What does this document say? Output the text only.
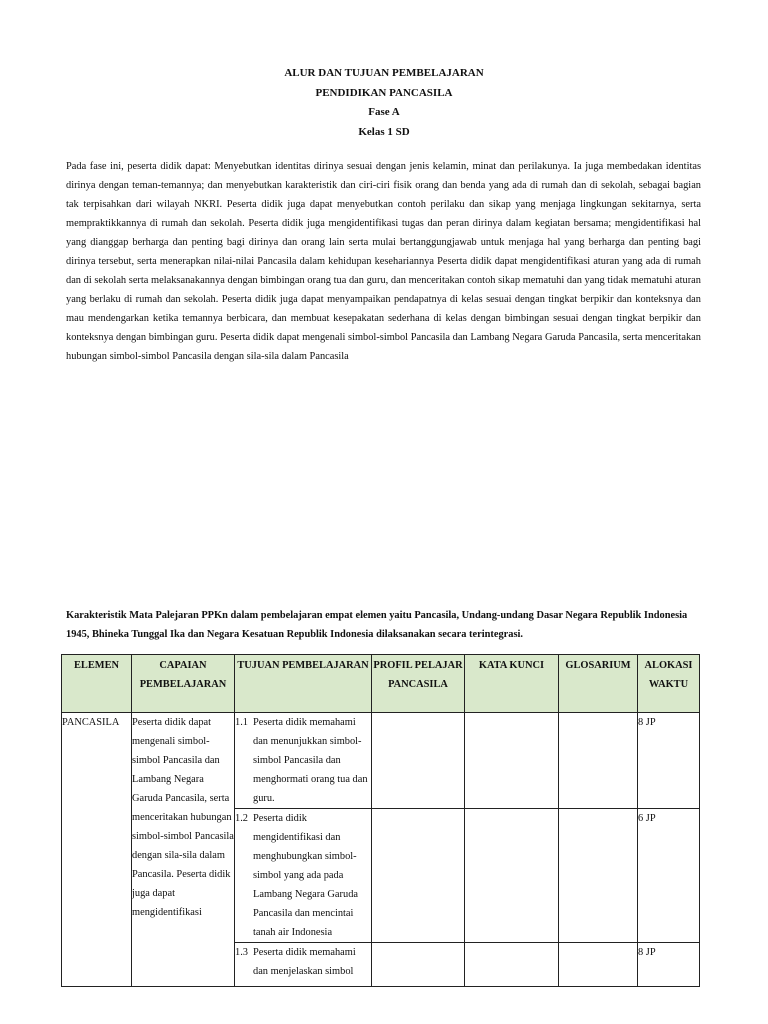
ALUR DAN TUJUAN PEMBELAJARAN
PENDIDIKAN PANCASILA
Fase A
Kelas 1 SD
Pada fase ini, peserta didik dapat: Menyebutkan identitas dirinya sesuai dengan jenis kelamin, minat dan perilakunya. Ia juga membedakan identitas dirinya dengan teman-temannya; dan menyebutkan karakteristik dan ciri-ciri fisik orang dan benda yang ada di rumah dan di sekolah, sebagai bagian tak terpisahkan dari wilayah NKRI. Peserta didik juga dapat menyebutkan contoh perilaku dan sikap yang menjaga lingkungan sekitarnya, serta mempraktikkannya di rumah dan sekolah. Peserta didik juga mengidentifikasi tugas dan peran dirinya dalam kegiatan bersama; mengidentifikasi hal yang dianggap berharga dan penting bagi dirinya dan orang lain serta mulai bertanggungjawab untuk menjaga hal yang berharga dan penting bagi dirinya tersebut, serta menerapkan nilai-nilai Pancasila dalam kehidupan kesehariannya Peserta didik dapat mengidentifikasi aturan yang ada di rumah dan di sekolah serta melaksanakannya dengan bimbingan orang tua dan guru, dan menceritakan contoh sikap mematuhi dan yang tidak mematuhi aturan yang berlaku di rumah dan sekolah. Peserta didik juga dapat menyampaikan pendapatnya di kelas sesuai dengan tingkat berpikir dan konteksnya dan mau mendengarkan ketika temannya berbicara, dan membuat kesepakatan sederhana di kelas dengan bimbingan sesuai dengan tingkat berpikir dan konteksnya dengan bimbingan guru. Peserta didik dapat mengenali simbol-simbol Pancasila dan Lambang Negara Garuda Pancasila, serta menceritakan hubungan simbol-simbol Pancasila dengan sila-sila dalam Pancasila
Karakteristik Mata Palejaran PPKn dalam pembelajaran empat elemen yaitu Pancasila, Undang-undang Dasar Negara Republik Indonesia 1945, Bhineka Tunggal Ika dan Negara Kesatuan Republik Indonesia dilaksanakan secara terintegrasi.
ELEMEN	CAPAIAN PEMBELAJARAN	TUJUAN PEMBELAJARAN	PROFIL PELAJAR PANCASILA	KATA KUNCI	GLOSARIUM	ALOKASI WAKTU
PANCASILA	Peserta didik dapat mengenali simbol-simbol Pancasila dan Lambang Negara Garuda Pancasila, serta menceritakan hubungan simbol-simbol Pancasila dengan sila-sila dalam Pancasila. Peserta didik juga dapat mengidentifikasi	1.1 Peserta didik memahami dan menunjukkan simbol-simbol Pancasila dan menghormati orang tua dan guru.				8 JP

		1.2 Peserta didik mengidentifikasi dan menghubungkan simbol-simbol yang ada pada Lambang Negara Garuda Pancasila dan mencintai tanah air Indonesia				6 JP

		1.3 Peserta didik memahami dan menjelaskan simbol				8 JP
